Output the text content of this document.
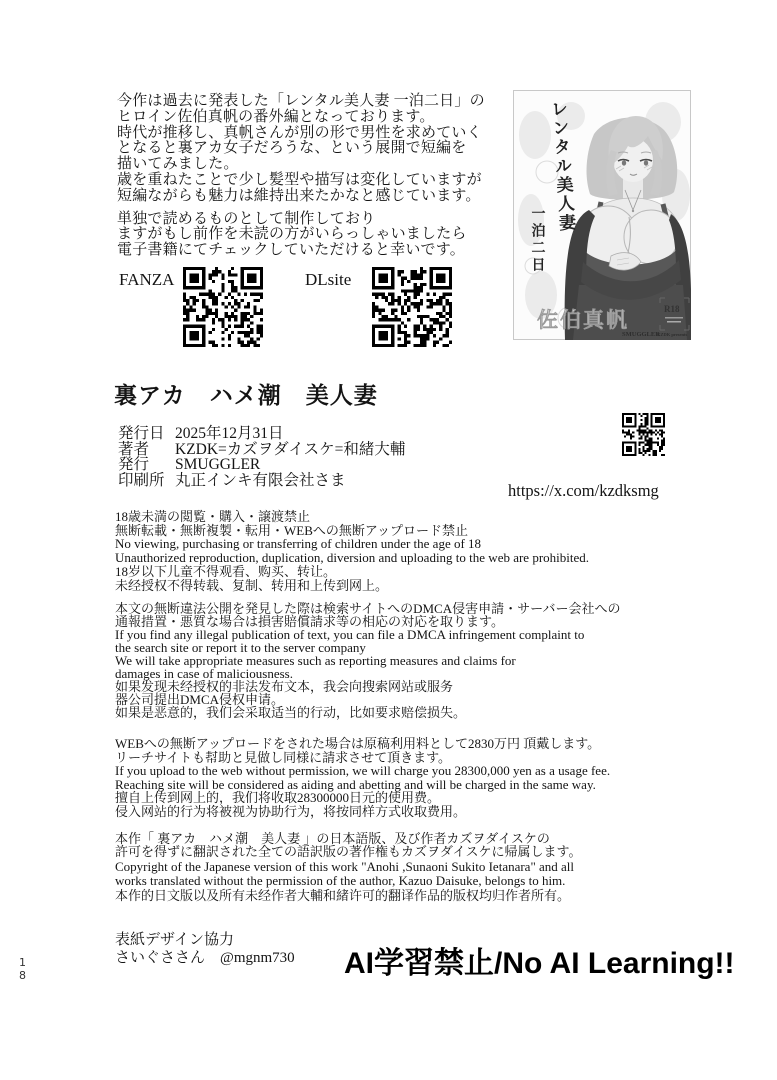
今作は過去に発表した「レンタル美人妻 一泊二日」の
ヒロイン佐伯真帆の番外編となっております。
時代が推移し、真帆さんが別の形で男性を求めていく
となると裏アカ女子だろうな、という展開で短編を
描いてみました。
歳を重ねたことで少し髪型や描写は変化していますが
短編ながらも魅力は維持出来たかなと感じています。
単独で読めるものとして制作しており
ますがもし前作を未読の方がいらっしゃいましたら
電子書籍にてチェックしていただけると幸いです。
FANZA	DLsite
レンタル美人妻
一泊二日
佐伯真帆	R18
SMUGGLER
KZDK presents
裏アカ　ハメ潮　美人妻
発行日 2025年12月31日
著者	KZDK=カズヲダイスケ=和緒大輔
発行	SMUGGLER
印刷所 丸正インキ有限会社さま
https://x.com/kzdksmg
18歳未満の閲覧・購入・譲渡禁止
無断転載・無断複製・転用・WEBへの無断アップロード禁止
No viewing, purchasing or transferring of children under the age of 18
Unauthorized reproduction, duplication, diversion and uploading to the web are prohibited.
18岁以下儿童不得观看、购买、转让。
未经授权不得转载、复制、转用和上传到网上。
本文の無断違法公開を発見した際は検索サイトへのDMCA侵害申請・サーバー会社への
通報措置・悪質な場合は損害賠償請求等の相応の対応を取ります。
If you find any illegal publication of text, you can file a DMCA infringement complaint to
the search site or report it to the server company
We will take appropriate measures such as reporting measures and claims for
damages in case of maliciousness.
如果发现未经授权的非法发布文本，我会向搜索网站或服务
器公司提出DMCA侵权申请。
如果是恶意的，我们会采取适当的行动，比如要求赔偿损失。
WEBへの無断アップロードをされた場合は原稿利用料として2830万円 頂戴します。
リーチサイトも幇助と見做し同様に請求させて頂きます。
If you upload to the web without permission, we will charge you 28300,000 yen as a usage fee.
Reaching site will be considered as aiding and abetting and will be charged in the same way.
擅自上传到网上的，我们将收取28300000日元的使用费。
侵入网站的行为将被视为协助行为，将按同样方式收取费用。
本作「 裏アカ　ハメ潮　美人妻 」の日本語版、及び作者カズヲダイスケの
許可を得ずに翻訳された全ての語訳版の著作権もカズヲダイスケに帰属します。
Copyright of the Japanese version of this work "Anohi ,Sunaoni Sukito Ietanara" and all
works translated without the permission of the author, Kazuo Daisuke, belongs to him.
本作的日文版以及所有未经作者大輔和緒许可的翻译作品的版权均归作者所有。
表紙デザイン協力
さいぐささん　@mgnm730 AI学習禁止/No AI Learning!!
1
8
